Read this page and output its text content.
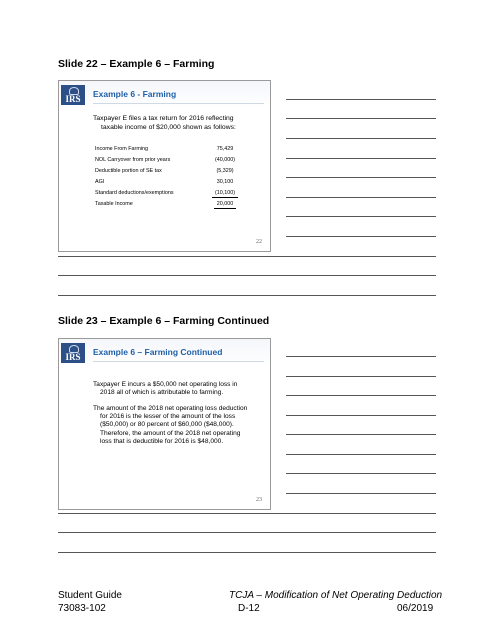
Slide 22 – Example 6 – Farming
IRS	Example 6 - Farming
Taxpayer E files a tax return for 2016 reflecting
taxable income of $20,000 shown as follows:
Income From Farming	75,429
NOL Carryover from prior years	(40,000)
Deductible portion of SE tax	(5,329)
AGI	30,100
Standard deductions/exemptions	(10,100)
Taxable Income	20,000
22
Slide 23 – Example 6 – Farming Continued
IRS	Example 6 – Farming Continued
Taxpayer E incurs a $50,000 net operating loss in
2018 all of which is attributable to farming.
The amount of the 2018 net operating loss deduction
for 2016 is the lesser of the amount of the loss
($50,000) or 80 percent of $60,000 ($48,000).
Therefore, the amount of the 2018 net operating
loss that is deductible for 2016 is $48,000.
23
Student Guide
73083-102
TCJA – Modification of Net Operating Deduction
D-12	06/2019
